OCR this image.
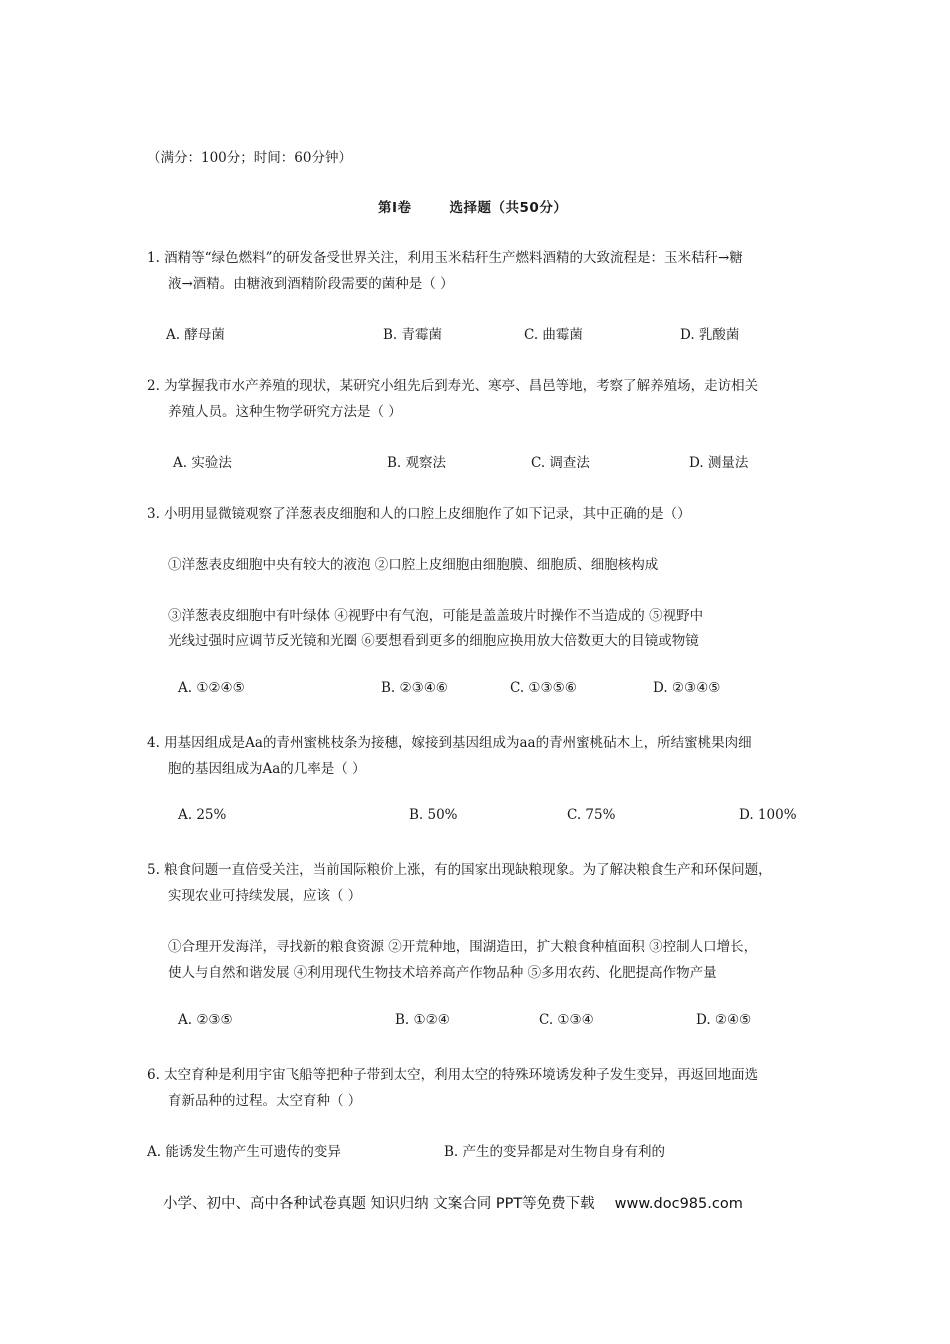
（满分：100分；时间：60分钟）
第Ⅰ卷	选择题（共50分）
1. 酒精等“绿色燃料”的研发备受世界关注，利用玉米秸秆生产燃料酒精的大致流程是：玉米秸秆→糖
液→酒精。由糖液到酒精阶段需要的菌种是（ ）
A. 酵母菌	B. 青霉菌	C. 曲霉菌	D. 乳酸菌
2. 为掌握我市水产养殖的现状，某研究小组先后到寿光、寒亭、昌邑等地，考察了解养殖场，走访相关
养殖人员。这种生物学研究方法是（ ）
A. 实验法	B. 观察法	C. 调查法	D. 测量法
3. 小明用显微镜观察了洋葱表皮细胞和人的口腔上皮细胞作了如下记录，其中正确的是（）
①洋葱表皮细胞中央有较大的液泡 ②口腔上皮细胞由细胞膜、细胞质、细胞核构成
③洋葱表皮细胞中有叶绿体 ④视野中有气泡，可能是盖盖玻片时操作不当造成的 ⑤视野中
光线过强时应调节反光镜和光圈 ⑥要想看到更多的细胞应换用放大倍数更大的目镜或物镜
A. ①②④⑤	B. ②③④⑥	C. ①③⑤⑥	D. ②③④⑤
4. 用基因组成是Aa的青州蜜桃枝条为接穗，嫁接到基因组成为aa的青州蜜桃砧木上，所结蜜桃果肉细
胞的基因组成为Aa的几率是（ ）
A. 25%	B. 50%	C. 75%	D. 100%
5. 粮食问题一直倍受关注，当前国际粮价上涨，有的国家出现缺粮现象。为了解决粮食生产和环保问题，
实现农业可持续发展，应该（ ）
①合理开发海洋，寻找新的粮食资源 ②开荒种地，围湖造田，扩大粮食种植面积 ③控制人口增长，
使人与自然和谐发展 ④利用现代生物技术培养高产作物品种 ⑤多用农药、化肥提高作物产量
A. ②③⑤	B. ①②④	C. ①③④	D. ②④⑤
6. 太空育种是利用宇宙飞船等把种子带到太空，利用太空的特殊环境诱发种子发生变异，再返回地面选
育新品种的过程。太空育种（ ）
A. 能诱发生物产生可遗传的变异	B. 产生的变异都是对生物自身有利的
小学、初中、高中各种试卷真题 知识归纳 文案合同 PPT等免费下载 www.doc985.com
